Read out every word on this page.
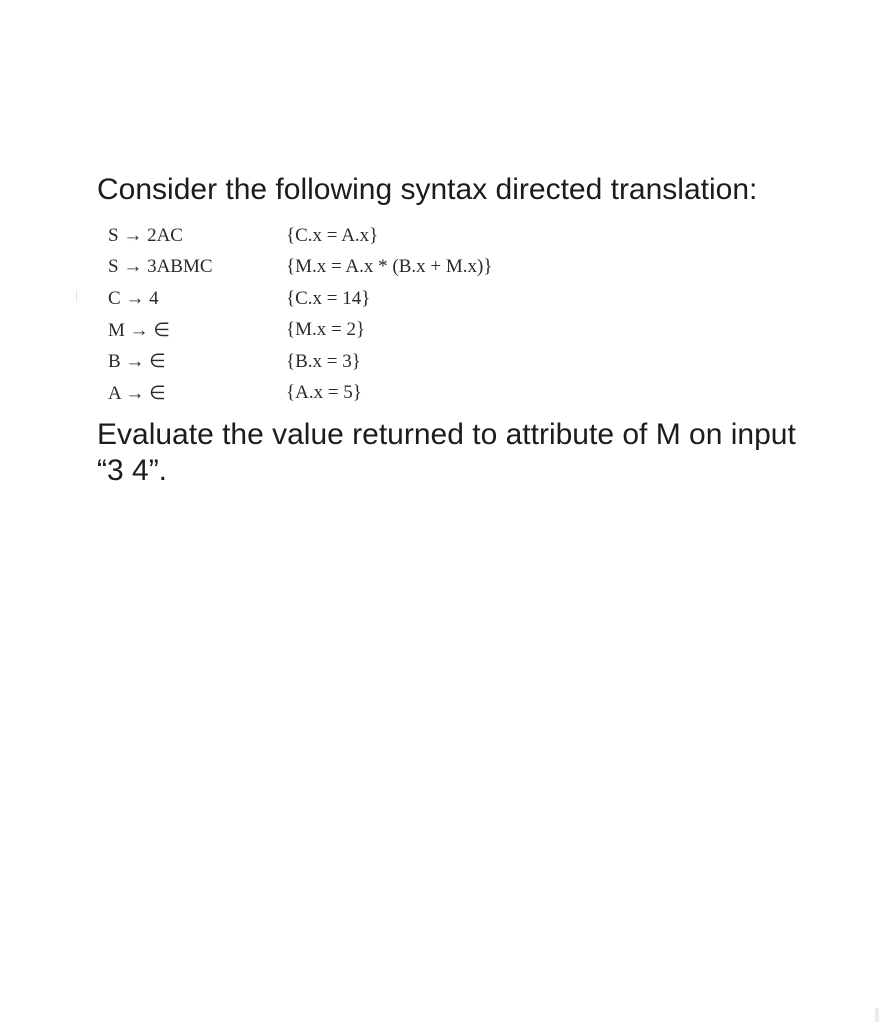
Consider the following syntax directed translation:

S → 2AC	{C.x = A.x}
S → 3ABMC	{M.x = A.x * (B.x + M.x)}
C → 4	{C.x = 14}
M → ∈	{M.x = 2}
B → ∈	{B.x = 3}
A → ∈	{A.x = 5}

Evaluate the value returned to attribute of M on input
“3 4”.
